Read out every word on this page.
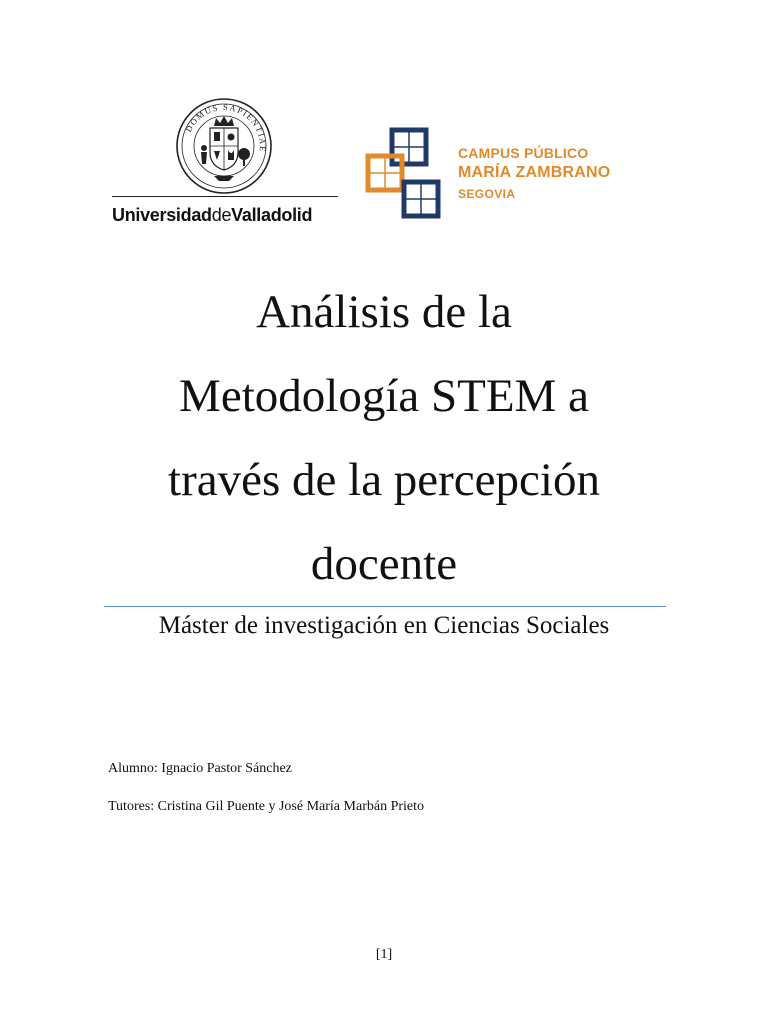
DOMUS SAPIENTIAE
UniversidaddeValladolid
CAMPUS PÚBLICO
MARÍA ZAMBRANO
SEGOVIA
Análisis de la
Metodología STEM a
través de la percepción
docente
Máster de investigación en Ciencias Sociales
Alumno: Ignacio Pastor Sánchez
Tutores: Cristina Gil Puente y José María Marbán Prieto
[1]
